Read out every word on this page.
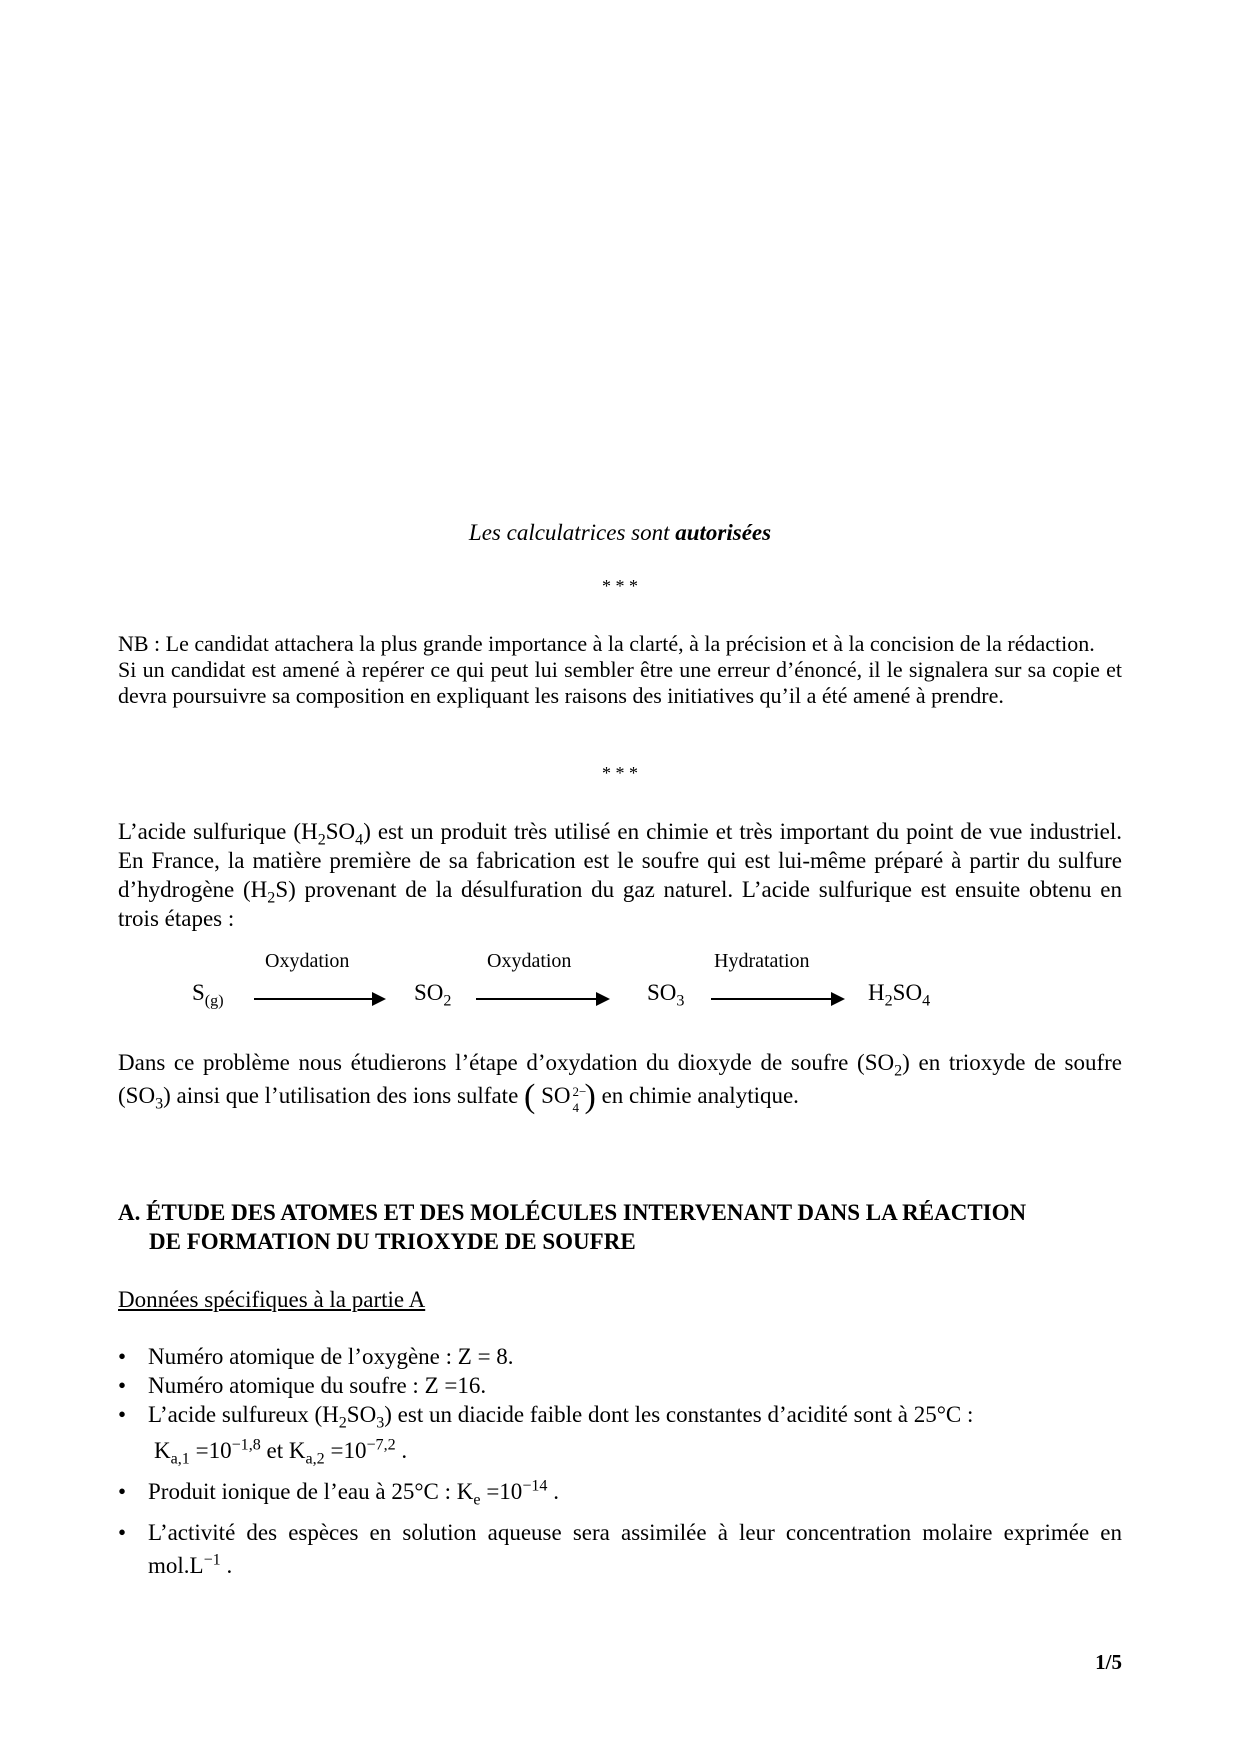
Les calculatrices sont autorisées
* * *

NB : Le candidat attachera la plus grande importance à la clarté, à la précision et à la concision de la rédaction.

Si un candidat est amené à repérer ce qui peut lui sembler être une erreur d’énoncé, il le signalera sur sa copie et devra poursuivre sa composition en expliquant les raisons des initiatives qu’il a été amené à prendre.

* * *
L’acide sulfurique $(H_2SO_4)$ est un produit très utilisé en chimie et très important du point de vue industriel. En France, la matière première de sa fabrication est le soufre qui est lui-même préparé à partir du sulfure d’hydrogène $(H_2S)$ provenant de la désulfuration du gaz naturel. L’acide sulfurique est ensuite obtenu en trois étapes :
Oxydation	Oxydation	Hydratation
$S_{(g)}$	$SO_2$	$SO_3$	$H_2SO_4$
Dans ce problème nous étudierons l’étape d’oxydation du dioxyde de soufre $(SO_2)$ en trioxyde de soufre $(SO_3)$ ainsi que l’utilisation des ions sulfate ( SO 2−
4 ) en chimie analytique.
A. ÉTUDE DES ATOMES ET DES MOLÉCULES INTERVENANT DANS LA RÉACTION
DE FORMATION DU TRIOXYDE DE SOUFRE
Données spécifiques à la partie A
• Numéro atomique de l’oxygène : Z = 8.
• Numéro atomique du soufre : Z =16.
• L’acide sulfureux $(H_2SO_3)$ est un diacide faible dont les constantes d’acidité sont à 25°C :
$K_{a,1} =10^{-1,8}$ et $K_{a,2} =10^{-7,2}$ .
• Produit ionique de l’eau à 25°C : $K_e =10^{-14}$ .
• L’activité des espèces en solution aqueuse sera assimilée à leur concentration molaire exprimée en $mol.L^{-1}$ .
1/5
